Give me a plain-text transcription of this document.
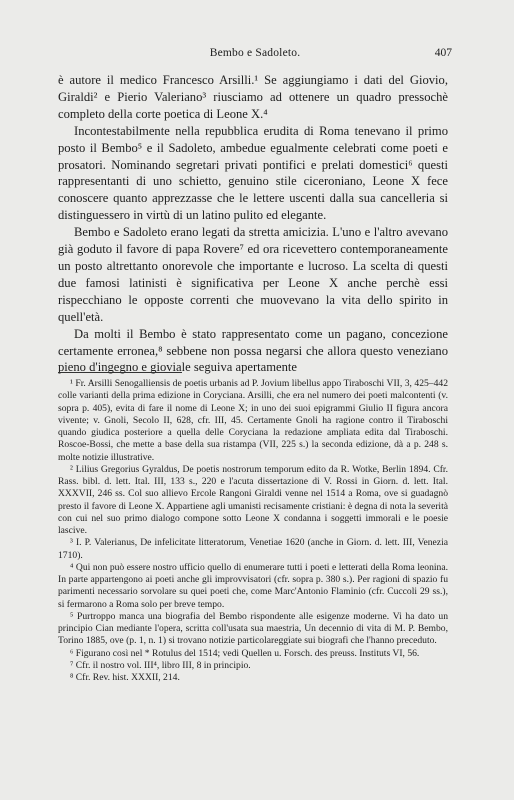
Bembo e Sadoleto.	407

è autore il medico Francesco Arsilli.¹ Se aggiungiamo i dati del Giovio, Giraldi² e Pierio Valeriano³ riusciamo ad ottenere un quadro pressochè completo della corte poetica di Leone X.⁴

Incontestabilmente nella repubblica erudita di Roma tenevano il primo posto il Bembo⁵ e il Sadoleto, ambedue egualmente celebrati come poeti e prosatori. Nominando segretari privati pontifici e prelati domestici⁶ questi rappresentanti di uno schietto, genuino stile ciceroniano, Leone X fece conoscere quanto apprezzasse che le lettere uscenti dalla sua cancelleria si distinguessero in virtù di un latino pulito ed elegante.

Bembo e Sadoleto erano legati da stretta amicizia. L'uno e l'altro avevano già goduto il favore di papa Rovere⁷ ed ora ricevettero contemporaneamente un posto altrettanto onorevole che importante e lucroso. La scelta di questi due famosi latinisti è significativa per Leone X anche perchè essi rispecchiano le opposte correnti che muovevano la vita dello spirito in quell'età.

Da molti il Bembo è stato rappresentato come un pagano, concezione certamente erronea,⁸ sebbene non possa negarsi che allora questo veneziano pieno d'ingegno e gioviale seguiva apertamente

¹ Fr. Arsilli Senogalliensis de poetis urbanis ad P. Jovium libellus appo Tiraboschi VII, 3, 425–442 colle varianti della prima edizione in Coryciana. Arsilli, che era nel numero dei poeti malcontenti (v. sopra p. 405), evita di fare il nome di Leone X; in uno dei suoi epigrammi Giulio II figura ancora vivente; v. Gnoli, Secolo II, 628, cfr. III, 45. Certamente Gnoli ha ragione contro il Tiraboschi quando giudica posteriore a quella delle Coryciana la redazione ampliata edita dal Tiraboschi. Roscoe-Bossi, che mette a base della sua ristampa (VII, 225 s.) la seconda edizione, dà a p. 248 s. molte notizie illustrative.

² Lilius Gregorius Gyraldus, De poetis nostrorum temporum edito da R. Wotke, Berlin 1894. Cfr. Rass. bibl. d. lett. Ital. III, 133 s., 220 e l'acuta dissertazione di V. Rossi in Giorn. d. lett. Ital. XXXVII, 246 ss. Col suo allievo Ercole Rangoni Giraldi venne nel 1514 a Roma, ove si guadagnò presto il favore di Leone X. Appartiene agli umanisti recisamente cristiani: è degna di nota la severità con cui nel suo primo dialogo compone sotto Leone X condanna i soggetti immorali e le poesie lascive.

³ I. P. Valerianus, De infelicitate litteratorum, Venetiae 1620 (anche in Giorn. d. lett. III, Venezia 1710).

⁴ Qui non può essere nostro ufficio quello di enumerare tutti i poeti e letterati della Roma leonina. In parte appartengono ai poeti anche gli improvvisatori (cfr. sopra p. 380 s.). Per ragioni di spazio fu parimenti necessario sorvolare su quei poeti che, come Marc'Antonio Flaminio (cfr. Cuccoli 29 ss.), si fermarono a Roma solo per breve tempo.

⁵ Purtroppo manca una biografia del Bembo rispondente alle esigenze moderne. Vi ha dato un principio Cian mediante l'opera, scritta coll'usata sua maestria, Un decennio di vita di M. P. Bembo, Torino 1885, ove (p. 1, n. 1) si trovano notizie particolareggiate sui biografi che l'hanno preceduto.

⁶ Figurano così nel * Rotulus del 1514; vedi Quellen u. Forsch. des preuss. Instituts VI, 56.

⁷ Cfr. il nostro vol. III⁴, libro III, 8 in principio.

⁸ Cfr. Rev. hist. XXXII, 214.
